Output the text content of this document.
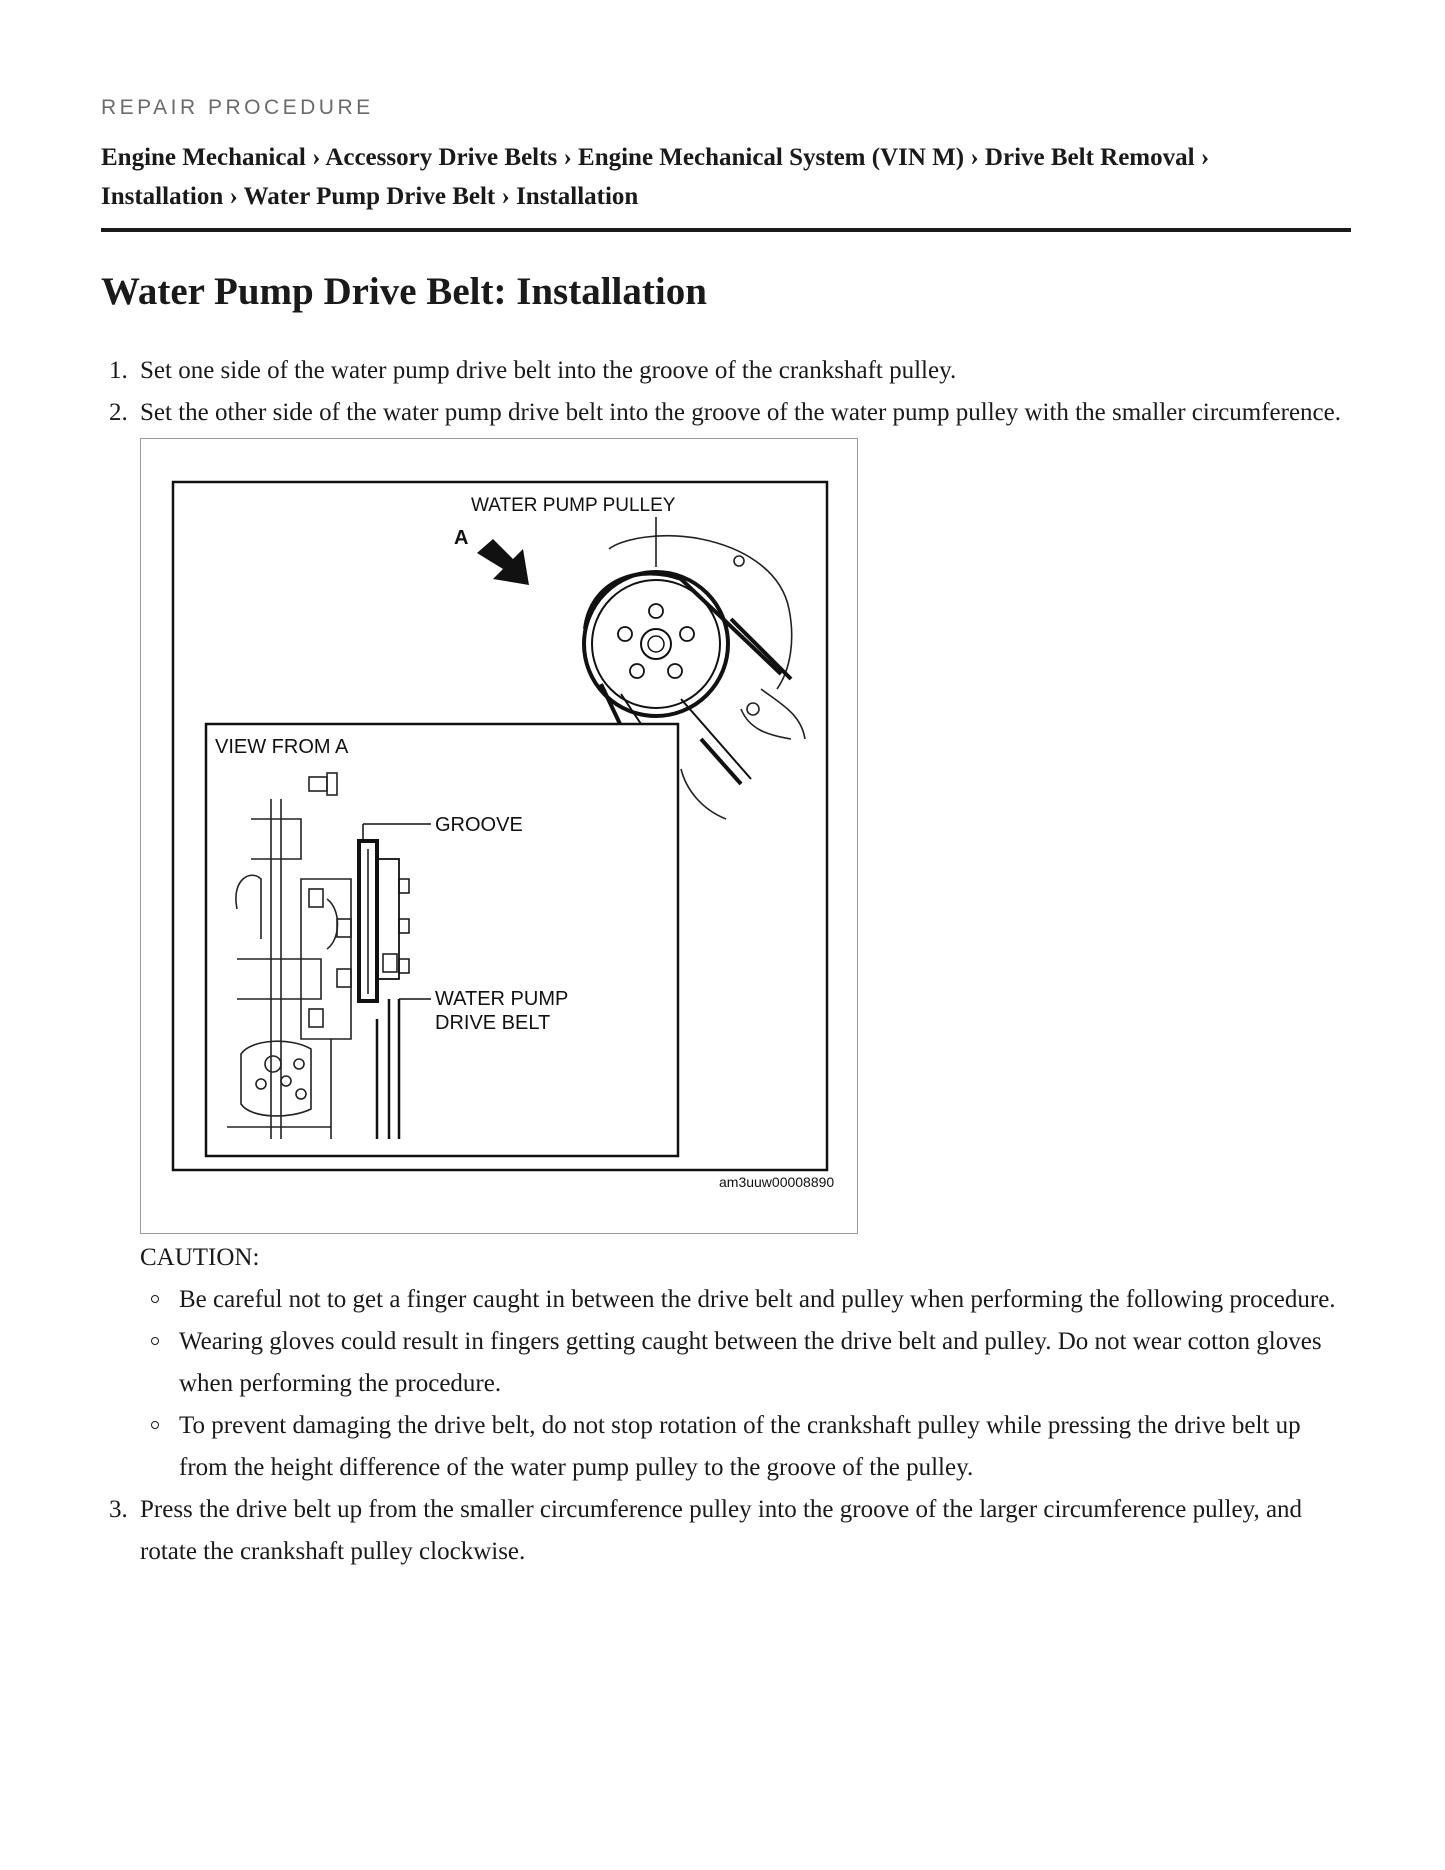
REPAIR PROCEDURE
Engine Mechanical › Accessory Drive Belts › Engine Mechanical System (VIN M) › Drive Belt Removal ›
Installation › Water Pump Drive Belt › Installation
Water Pump Drive Belt: Installation
1. Set one side of the water pump drive belt into the groove of the crankshaft pulley.
2. Set the other side of the water pump drive belt into the groove of the water pump pulley with the smaller circumference.
WATER PUMP PULLEY
A
VIEW FROM A
GROOVE
WATER PUMP
DRIVE BELT
am3uuw00008890
CAUTION:
Be careful not to get a finger caught in between the drive belt and pulley when performing the following procedure.
Wearing gloves could result in fingers getting caught between the drive belt and pulley. Do not wear cotton gloves when performing the procedure.
To prevent damaging the drive belt, do not stop rotation of the crankshaft pulley while pressing the drive belt up from the height difference of the water pump pulley to the groove of the pulley.
3. Press the drive belt up from the smaller circumference pulley into the groove of the larger circumference pulley, and rotate the crankshaft pulley clockwise.
